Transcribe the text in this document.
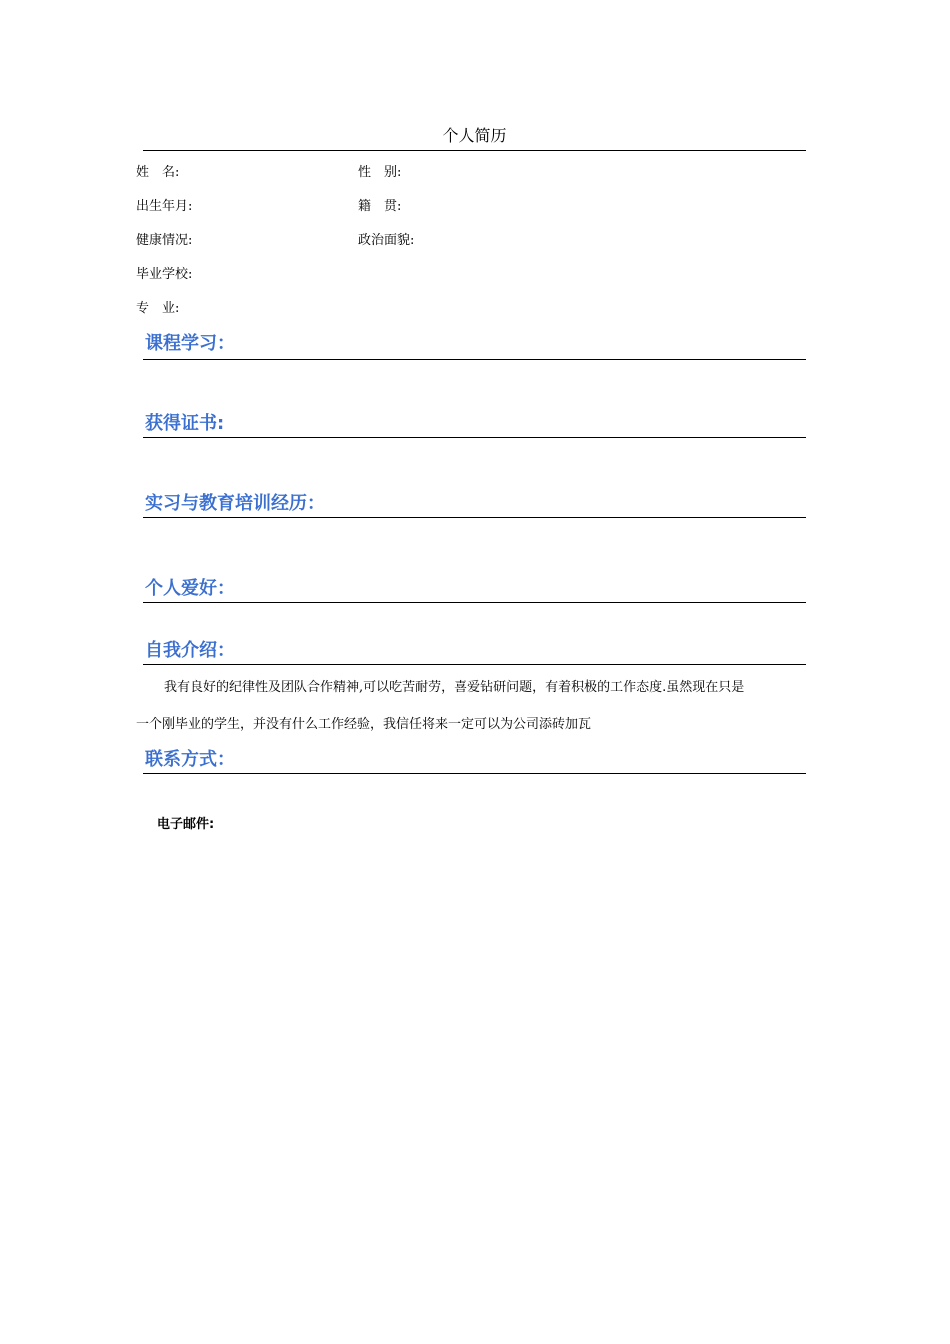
个人简历
姓　名:	性　别:
出生年月:	籍　贯:
健康情况:	政治面貌:
毕业学校:
专　业:
课程学习：
获得证书:
实习与教育培训经历：
个人爱好：
自我介绍：
我有良好的纪律性及团队合作精神,可以吃苦耐劳，喜爱钻研问题，有着积极的工作态度.虽然现在只是
一个刚毕业的学生，并没有什么工作经验，我信任将来一定可以为公司添砖加瓦
联系方式：
电子邮件:
